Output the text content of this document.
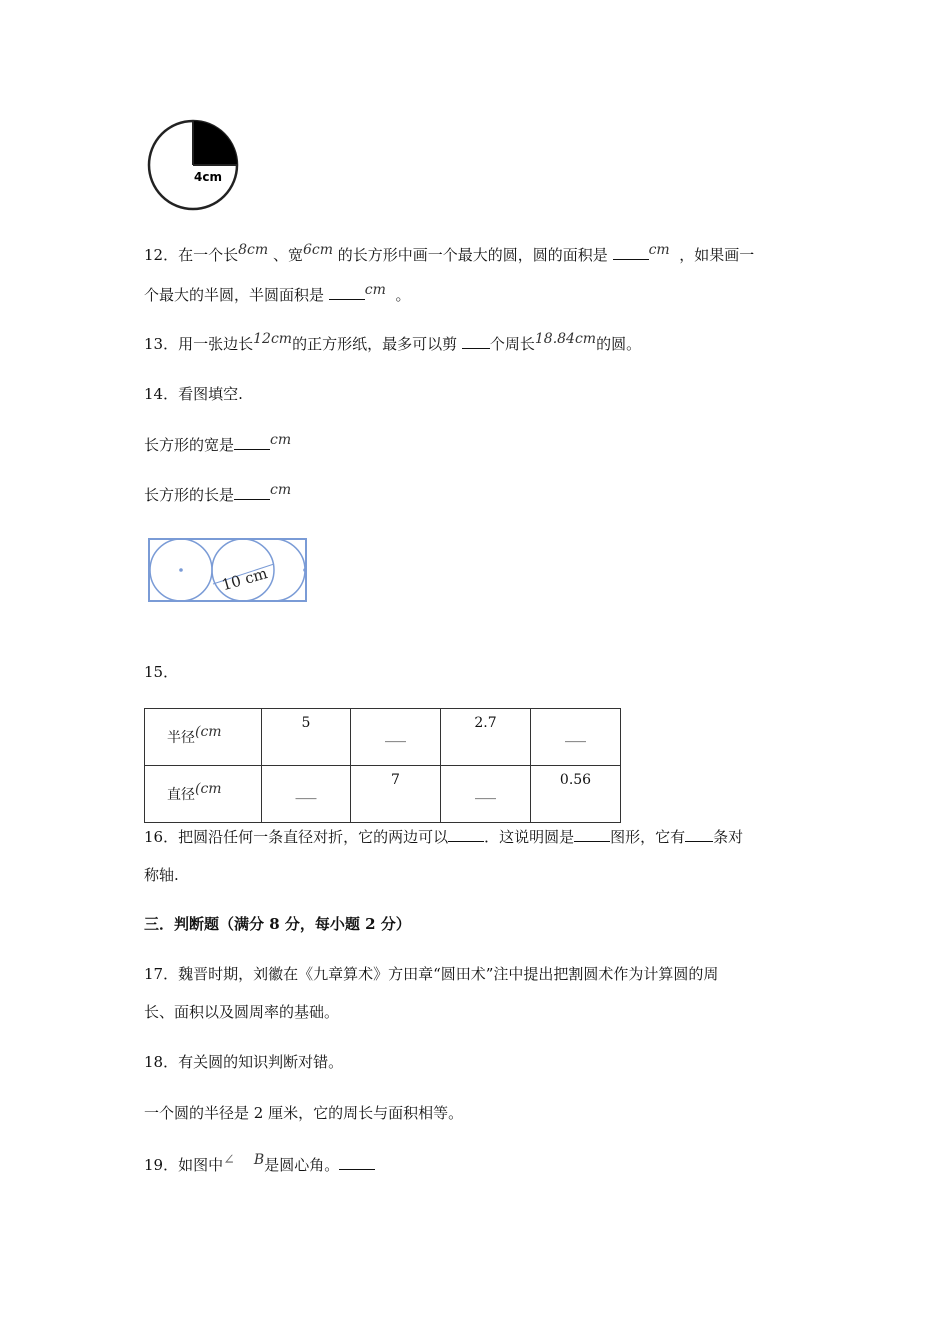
4cm
12．在一个长8cm 、宽6cm 的长方形中画一个最大的圆，圆的面积是	cm ，如果画一
个最大的半圆，半圆面积是	cm 。
13．用一张边长12cm的正方形纸，最多可以剪 个周长18.84cm的圆。
14．看图填空.
长方形的宽是	cm
长方形的长是	cm
10 cm
15．
半径(cm	5	___	2.7	___

直径(cm	___	7	___	0.56
16．把圆沿任何一条直径对折，它的两边可以 ．这说明圆是 图形，它有 条对
称轴.
三．判断题（满分 8 分，每小题 2 分）
17．魏晋时期，刘徽在《九章算术》方田章“圆田术”注中提出把割圆术作为计算圆的周
长、面积以及圆周率的基础。
18．有关圆的知识判断对错。
一个圆的半径是 2 厘米，它的周长与面积相等。
19．如图中∠ B是圆心角。
